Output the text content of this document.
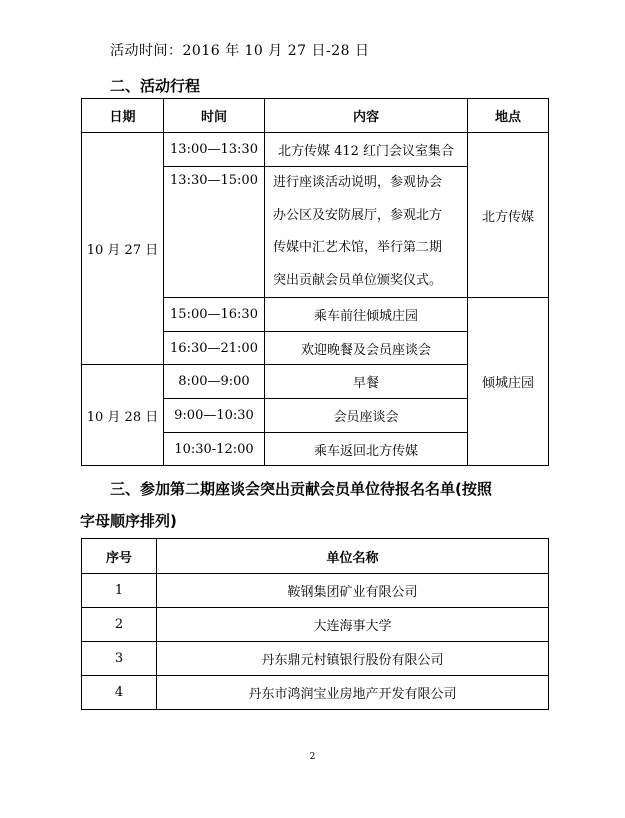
活动时间：2016 年 10 月 27 日-28 日
二、活动行程
日期	时间	内容	地点
10 月 27 日	13:00—13:30	北方传媒 412 红门会议室集合	北方传媒
	13:30—15:00	进行座谈活动说明，参观协会
办公区及安防展厅，参观北方
传媒中汇艺术馆，举行第二期
突出贡献会员单位颁奖仪式。	

	15:00—16:30	乘车前往倾城庄园	倾城庄园
	16:30—21:00	欢迎晚餐及会员座谈会	
10 月 28 日	8:00—9:00	早餐	
	9:00—10:30	会员座谈会	
	10:30-12:00	乘车返回北方传媒	
三、参加第二期座谈会突出贡献会员单位待报名名单(按照
字母顺序排列)
序号	单位名称
1	鞍钢集团矿业有限公司
2	大连海事大学
3	丹东鼎元村镇银行股份有限公司
4	丹东市鸿润宝业房地产开发有限公司
2
